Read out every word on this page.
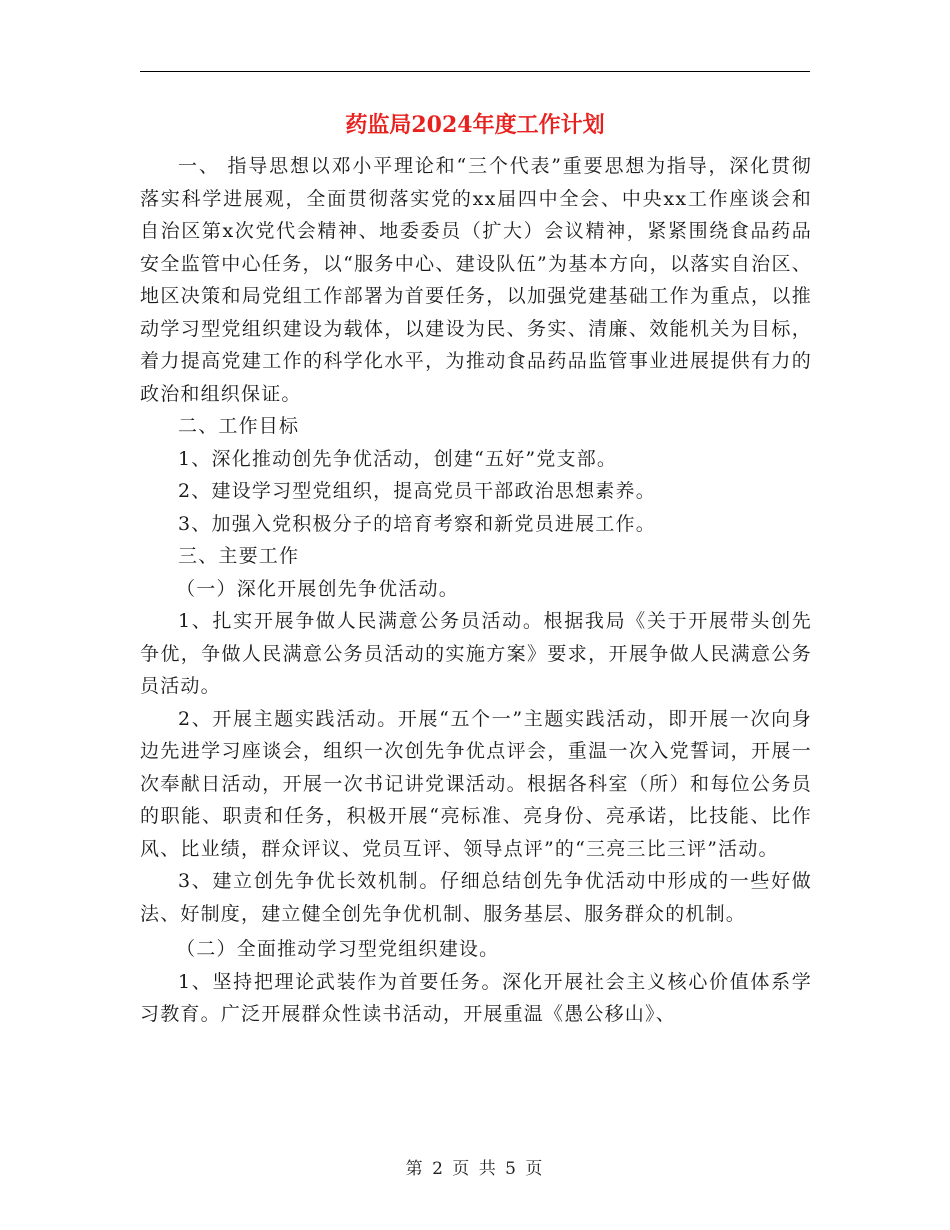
药监局2024年度工作计划

一、 指导思想以邓小平理论和“三个代表”重要思想为指导，深化贯彻落实科学进展观，全面贯彻落实党的xx届四中全会、中央xx工作座谈会和自治区第x次党代会精神、地委委员（扩大）会议精神，紧紧围绕食品药品安全监管中心任务，以“服务中心、建设队伍”为基本方向，以落实自治区、地区决策和局党组工作部署为首要任务，以加强党建基础工作为重点，以推动学习型党组织建设为载体，以建设为民、务实、清廉、效能机关为目标，着力提高党建工作的科学化水平，为推动食品药品监管事业进展提供有力的政治和组织保证。

二、工作目标

1、深化推动创先争优活动，创建“五好”党支部。

2、建设学习型党组织，提高党员干部政治思想素养。

3、加强入党积极分子的培育考察和新党员进展工作。

三、主要工作

（一）深化开展创先争优活动。

1、扎实开展争做人民满意公务员活动。根据我局《关于开展带头创先争优，争做人民满意公务员活动的实施方案》要求，开展争做人民满意公务员活动。

2、开展主题实践活动。开展“五个一”主题实践活动，即开展一次向身边先进学习座谈会，组织一次创先争优点评会，重温一次入党誓词，开展一次奉献日活动，开展一次书记讲党课活动。根据各科室（所）和每位公务员的职能、职责和任务，积极开展“亮标准、亮身份、亮承诺，比技能、比作风、比业绩，群众评议、党员互评、领导点评”的“三亮三比三评”活动。

3、建立创先争优长效机制。仔细总结创先争优活动中形成的一些好做法、好制度，建立健全创先争优机制、服务基层、服务群众的机制。

（二）全面推动学习型党组织建设。

1、坚持把理论武装作为首要任务。深化开展社会主义核心价值体系学习教育。广泛开展群众性读书活动，开展重温《愚公移山》、

第 2 页 共 5 页
